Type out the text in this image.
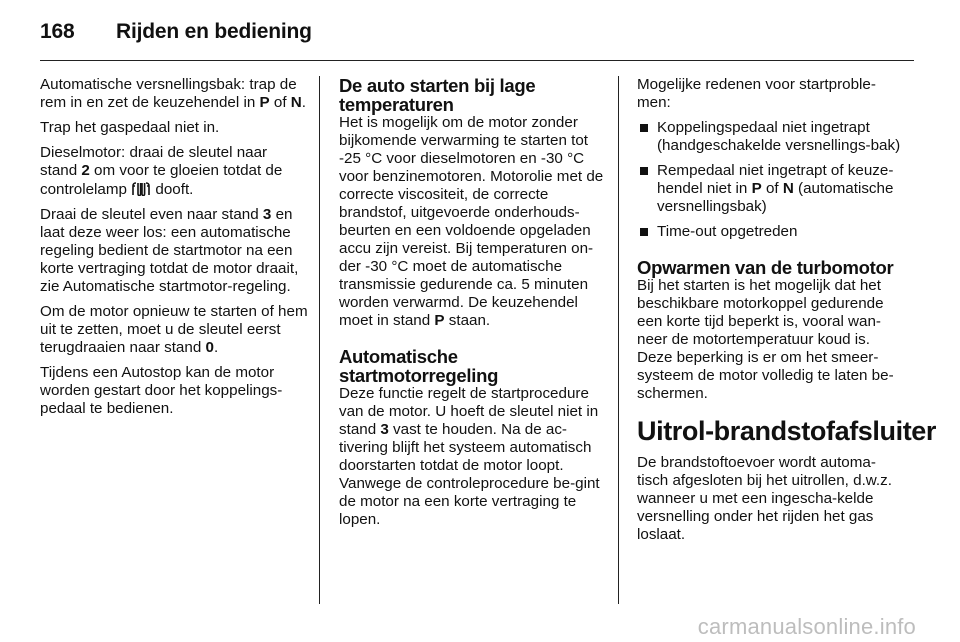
168 Rijden en bediening

Automatische versnellingsbak: trap de rem in en zet de keuzehendel in P of N.

Trap het gaspedaal niet in.

Dieselmotor: draai de sleutel naar stand 2 om voor te gloeien totdat de controlelamp  dooft.

Draai de sleutel even naar stand 3 en laat deze weer los: een automatische regeling bedient de startmotor na een korte vertraging totdat de motor draait, zie Automatische startmotor-regeling.

Om de motor opnieuw te starten of hem uit te zetten, moet u de sleutel eerst terugdraaien naar stand 0.

Tijdens een Autostop kan de motor worden gestart door het koppelings-pedaal te bedienen.

De auto starten bij lage temperaturen

Het is mogelijk om de motor zonder bijkomende verwarming te starten tot -25 °C voor dieselmotoren en -30 °C voor benzinemotoren. Motorolie met de correcte viscositeit, de correcte brandstof, uitgevoerde onderhouds-beurten en een voldoende opgeladen accu zijn vereist. Bij temperaturen on-der -30 °C moet de automatische transmissie gedurende ca. 5 minuten worden verwarmd. De keuzehendel moet in stand P staan.

Automatische startmotorregeling

Deze functie regelt de startprocedure van de motor. U hoeft de sleutel niet in stand 3 vast te houden. Na de ac-tivering blijft het systeem automatisch doorstarten totdat de motor loopt. Vanwege de controleprocedure be-gint de motor na een korte vertraging te lopen.

Mogelijke redenen voor startproble-men:

Koppelingspedaal niet ingetrapt (handgeschakelde versnellings-bak)
Rempedaal niet ingetrapt of keuze-hendel niet in P of N (automatische versnellingsbak)
Time-out opgetreden
Opwarmen van de turbomotor

Bij het starten is het mogelijk dat het beschikbare motorkoppel gedurende een korte tijd beperkt is, vooral wan-neer de motortemperatuur koud is. Deze beperking is er om het smeer-systeem de motor volledig te laten be-schermen.

Uitrol-brandstofafsluiter

De brandstoftoevoer wordt automa-tisch afgesloten bij het uitrollen, d.w.z. wanneer u met een ingescha-kelde versnelling onder het rijden het gas loslaat.

carmanualsonline.info
